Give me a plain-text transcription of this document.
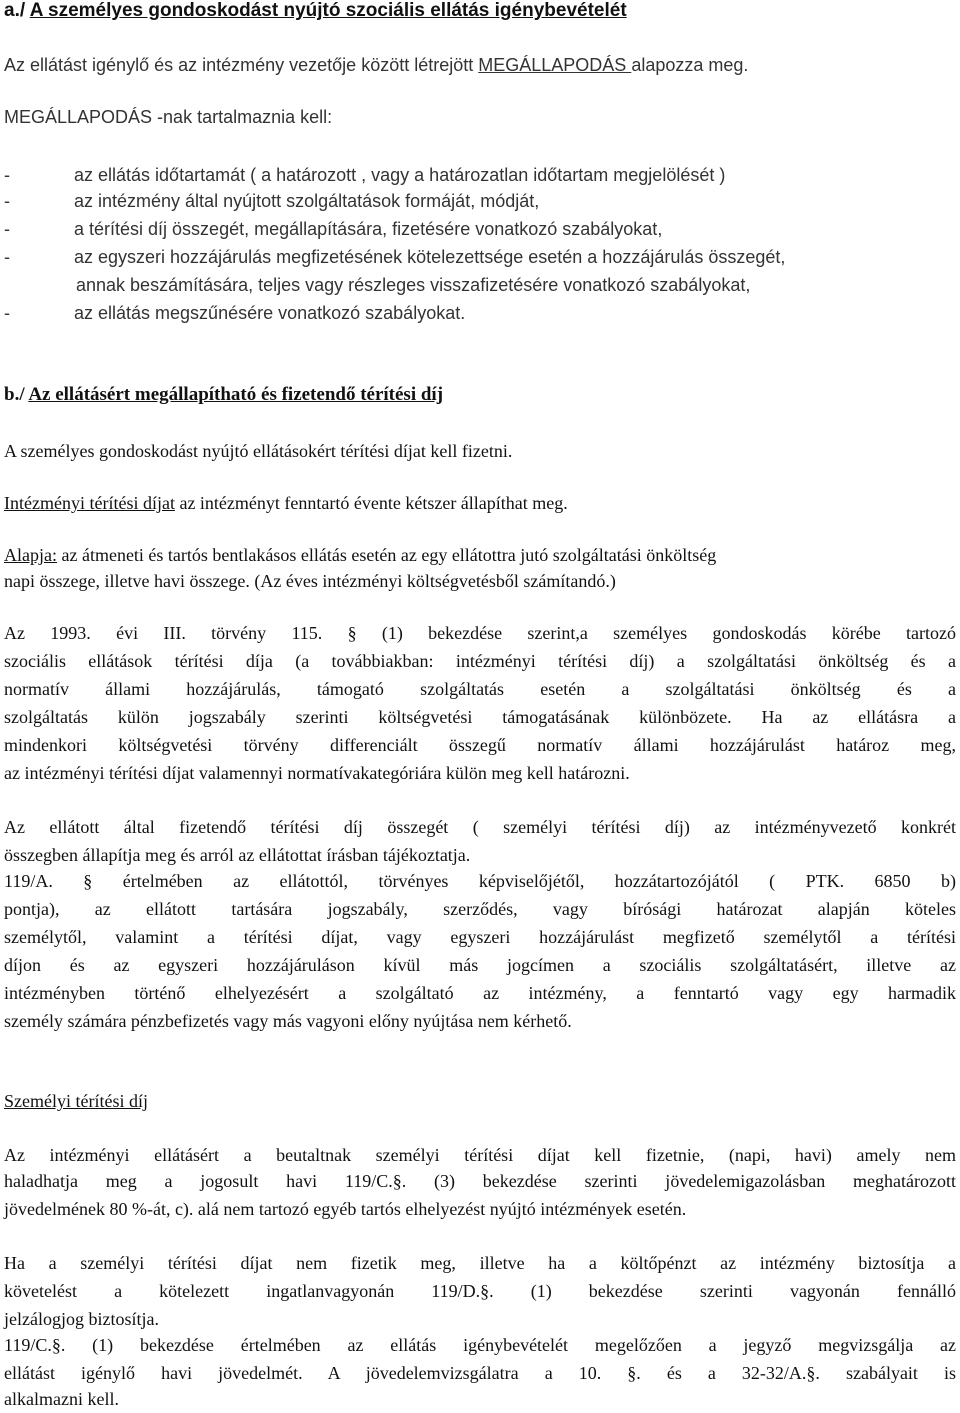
a./ A személyes gondoskodást nyújtó szociális ellátás igénybevételét
Az ellátást igénylő és az intézmény vezetője között létrejött MEGÁLLAPODÁS alapozza meg.
MEGÁLLAPODÁS -nak tartalmaznia kell:
-	az ellátás időtartamát ( a határozott , vagy a határozatlan időtartam megjelölését )
-	az intézmény által nyújtott szolgáltatások formáját, módját,
-	a térítési díj összegét, megállapítására, fizetésére vonatkozó szabályokat,
-	az egyszeri hozzájárulás megfizetésének kötelezettsége esetén a hozzájárulás összegét,
annak beszámítására, teljes vagy részleges visszafizetésére vonatkozó szabályokat,
-	az ellátás megszűnésére vonatkozó szabályokat.
b./ Az ellátásért megállapítható és fizetendő térítési díj
A személyes gondoskodást nyújtó ellátásokért térítési díjat kell fizetni.
Intézményi térítési díjat az intézményt fenntartó évente kétszer állapíthat meg.
Alapja: az átmeneti és tartós bentlakásos ellátás esetén az egy ellátottra jutó szolgáltatási önköltség
napi összege, illetve havi összege. (Az éves intézményi költségvetésből számítandó.)
Az 1993. évi III. törvény 115. § (1) bekezdése szerint,a személyes gondoskodás körébe tartozó
szociális ellátások térítési díja (a továbbiakban: intézményi térítési díj) a szolgáltatási önköltség és a
normatív állami hozzájárulás, támogató szolgáltatás esetén a szolgáltatási önköltség és a
szolgáltatás külön jogszabály szerinti költségvetési támogatásának különbözete. Ha az ellátásra a
mindenkori költségvetési törvény differenciált összegű normatív állami hozzájárulást határoz meg,
az intézményi térítési díjat valamennyi normatívakategóriára külön meg kell határozni.
Az ellátott által fizetendő térítési díj összegét ( személyi térítési díj) az intézményvezető konkrét
összegben állapítja meg és arról az ellátottat írásban tájékoztatja.
119/A. § értelmében az ellátottól, törvényes képviselőjétől, hozzátartozójától ( PTK. 6850 b)
pontja), az ellátott tartására jogszabály, szerződés, vagy bírósági határozat alapján köteles
személytől, valamint a térítési díjat, vagy egyszeri hozzájárulást megfizető személytől a térítési
díjon és az egyszeri hozzájáruláson kívül más jogcímen a szociális szolgáltatásért, illetve az
intézményben történő elhelyezésért a szolgáltató az intézmény, a fenntartó vagy egy harmadik
személy számára pénzbefizetés vagy más vagyoni előny nyújtása nem kérhető.
Személyi térítési díj
Az intézményi ellátásért a beutaltnak személyi térítési díjat kell fizetnie, (napi, havi) amely nem
haladhatja meg a jogosult havi 119/C.§. (3) bekezdése szerinti jövedelemigazolásban meghatározott
jövedelmének 80 %-át, c). alá nem tartozó egyéb tartós elhelyezést nyújtó intézmények esetén.
Ha a személyi térítési díjat nem fizetik meg, illetve ha a költőpénzt az intézmény biztosítja a
követelést a kötelezett ingatlanvagyonán 119/D.§. (1) bekezdése szerinti vagyonán fennálló
jelzálogjog biztosítja.
119/C.§. (1) bekezdése értelmében az ellátás igénybevételét megelőzően a jegyző megvizsgálja az
ellátást igénylő havi jövedelmét. A jövedelemvizsgálatra a 10. §. és a 32-32/A.§. szabályait is
alkalmazni kell.
